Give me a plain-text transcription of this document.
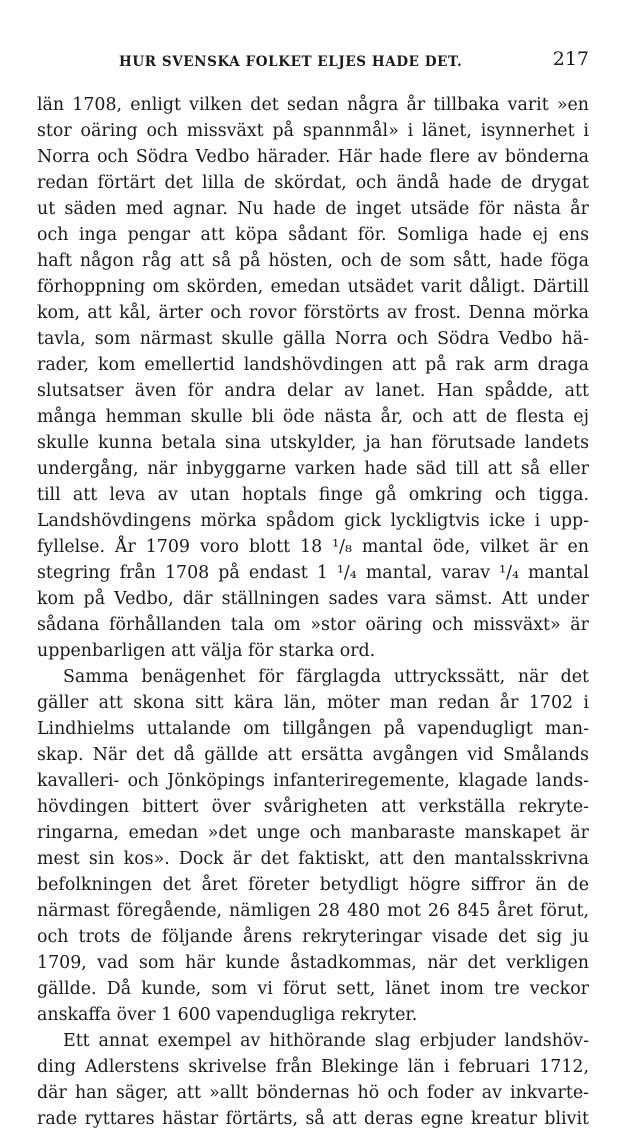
HUR SVENSKA FOLKET ELJES HADE DET.	217
län 1708, enligt vilken det sedan några år tillbaka varit »en
stor oäring och missväxt på spannmål» i länet, isynnerhet i
Norra och Södra Vedbo härader. Här hade flere av bönderna
redan förtärt det lilla de skördat, och ändå hade de drygat
ut säden med agnar. Nu hade de inget utsäde för nästa år
och inga pengar att köpa sådant för. Somliga hade ej ens
haft någon råg att så på hösten, och de som sått, hade föga
förhoppning om skörden, emedan utsädet varit dåligt. Därtill
kom, att kål, ärter och rovor förstörts av frost. Denna mörka
tavla, som närmast skulle gälla Norra och Södra Vedbo hä-
rader, kom emellertid landshövdingen att på rak arm draga
slutsatser även för andra delar av lanet. Han spådde, att
många hemman skulle bli öde nästa år, och att de flesta ej
skulle kunna betala sina utskylder, ja han förutsade landets
undergång, när inbyggarne varken hade säd till att så eller
till att leva av utan hoptals finge gå omkring och tigga.
Landshövdingens mörka spådom gick lyckligtvis icke i upp-
fyllelse. År 1709 voro blott 18 ¹/₈ mantal öde, vilket är en
stegring från 1708 på endast 1 ¹/₄ mantal, varav ¹/₄ mantal
kom på Vedbo, där ställningen sades vara sämst. Att under
sådana förhållanden tala om »stor oäring och missväxt» är
uppenbarligen att välja för starka ord.
Samma benägenhet för färglagda uttryckssätt, när det
gäller att skona sitt kära län, möter man redan år 1702 i
Lindhielms uttalande om tillgången på vapendugligt man-
skap. När det då gällde att ersätta avgången vid Smålands
kavalleri- och Jönköpings infanteriregemente, klagade lands-
hövdingen bittert över svårigheten att verkställa rekryte-
ringarna, emedan »det unge och manbaraste manskapet är
mest sin kos». Dock är det faktiskt, att den mantalsskrivna
befolkningen det året företer betydligt högre siffror än de
närmast föregående, nämligen 28 480 mot 26 845 året förut,
och trots de följande årens rekryteringar visade det sig ju
1709, vad som här kunde åstadkommas, när det verkligen
gällde. Då kunde, som vi förut sett, länet inom tre veckor
anskaffa över 1 600 vapendugliga rekryter.
Ett annat exempel av hithörande slag erbjuder landshöv-
ding Adlerstens skrivelse från Blekinge län i februari 1712,
där han säger, att »allt böndernas hö och foder av inkvarte-
rade ryttares hästar förtärts, så att deras egne kreatur blivit
